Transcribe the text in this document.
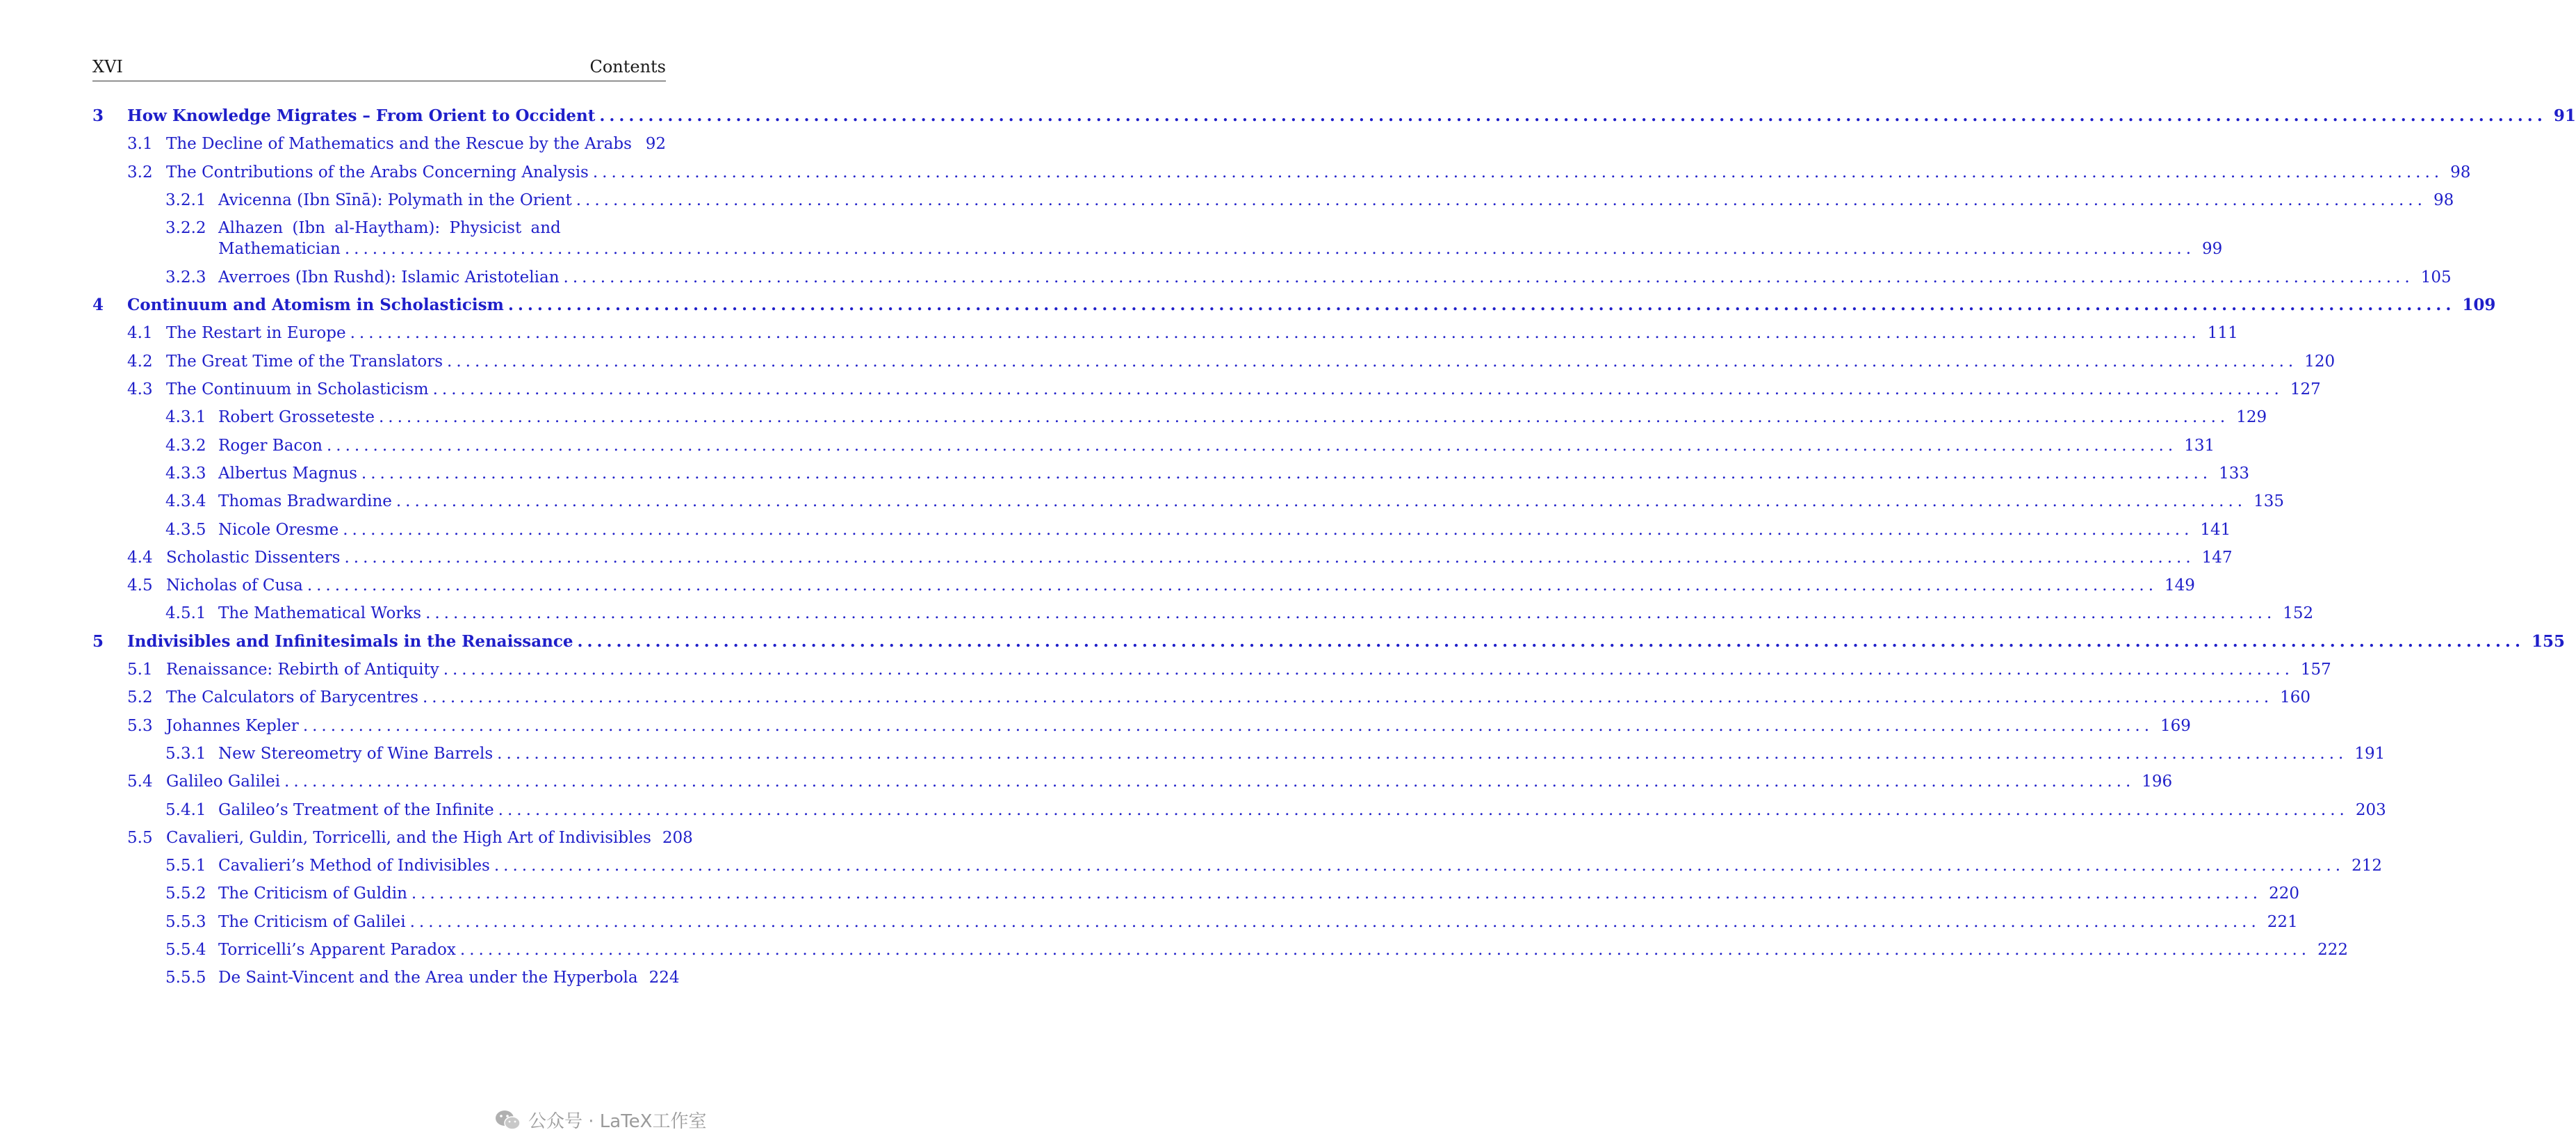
XVI	Contents
3 How Knowledge Migrates – From Orient to Occident ........................................................................................................................................................................................................ 91
3.1 The Decline of Mathematics and the Rescue by the Arabs 92
3.2 The Contributions of the Arabs Concerning Analysis ........................................................................................................................................................................................................ 98
3.2.1 Avicenna (Ibn Sīnā): Polymath in the Orient ........................................................................................................................................................................................................ 98
3.2.2 Alhazen (Ibn al-Haytham): Physicist and
Mathematician ........................................................................................................................................................................................................ 99
3.2.3 Averroes (Ibn Rushd): Islamic Aristotelian ........................................................................................................................................................................................................ 105
4 Continuum and Atomism in Scholasticism ........................................................................................................................................................................................................ 109
4.1 The Restart in Europe ........................................................................................................................................................................................................ 111
4.2 The Great Time of the Translators ........................................................................................................................................................................................................ 120
4.3 The Continuum in Scholasticism ........................................................................................................................................................................................................ 127
4.3.1 Robert Grosseteste ........................................................................................................................................................................................................ 129
4.3.2 Roger Bacon ........................................................................................................................................................................................................ 131
4.3.3 Albertus Magnus ........................................................................................................................................................................................................ 133
4.3.4 Thomas Bradwardine ........................................................................................................................................................................................................ 135
4.3.5 Nicole Oresme ........................................................................................................................................................................................................ 141
4.4 Scholastic Dissenters ........................................................................................................................................................................................................ 147
4.5 Nicholas of Cusa ........................................................................................................................................................................................................ 149
4.5.1 The Mathematical Works ........................................................................................................................................................................................................ 152
5 Indivisibles and Infinitesimals in the Renaissance ........................................................................................................................................................................................................ 155
5.1 Renaissance: Rebirth of Antiquity ........................................................................................................................................................................................................ 157
5.2 The Calculators of Barycentres ........................................................................................................................................................................................................ 160
5.3 Johannes Kepler ........................................................................................................................................................................................................ 169
5.3.1 New Stereometry of Wine Barrels ........................................................................................................................................................................................................ 191
5.4 Galileo Galilei ........................................................................................................................................................................................................ 196
5.4.1 Galileo’s Treatment of the Infinite ........................................................................................................................................................................................................ 203
5.5 Cavalieri, Guldin, Torricelli, and the High Art of Indivisibles 208
5.5.1 Cavalieri’s Method of Indivisibles ........................................................................................................................................................................................................ 212
5.5.2 The Criticism of Guldin ........................................................................................................................................................................................................ 220
5.5.3 The Criticism of Galilei ........................................................................................................................................................................................................ 221
5.5.4 Torricelli’s Apparent Paradox ........................................................................................................................................................................................................ 222
5.5.5 De Saint-Vincent and the Area under the Hyperbola 224
公众号 · LaTeX工作室
